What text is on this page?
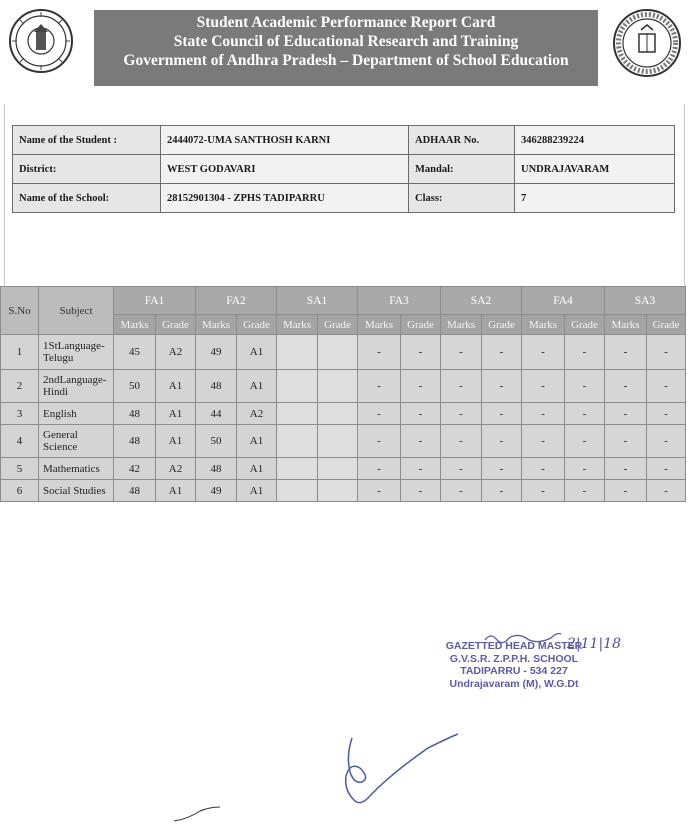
Student Academic Performance Report Card
State Council of Educational Research and Training
Government of Andhra Pradesh – Department of School Education
Name of the Student :	2444072-UMA SANTHOSH KARNI	ADHAAR No.	346288239224
District:	WEST GODAVARI	Mandal:	UNDRAJAVARAM
Name of the School:	28152901304 - ZPHS TADIPARRU	Class:	7
S.No	Subject	FA1		FA2		SA1		FA3		SA2		FA4		SA3	
		Marks	Grade	Marks	Grade	Marks	Grade	Marks	Grade	Marks	Grade	Marks	Grade	Marks	Grade
1	1StLanguage-Telugu	45	A2	49	A1			-	-	-	-	-	-	-	-
2	2ndLanguage-Hindi	50	A1	48	A1			-	-	-	-	-	-	-	-
3	English	48	A1	44	A2			-	-	-	-	-	-	-	-
4	General Science	48	A1	50	A1			-	-	-	-	-	-	-	-
5	Mathematics	42	A2	48	A1			-	-	-	-	-	-	-	-
6	Social Studies	48	A1	49	A1			-	-	-	-	-	-	-	-
GAZETTED HEAD MASTER
G.V.S.R. Z.P.P.H. SCHOOL
TADIPARRU - 534 227
Undrajavaram (M), W.G.Dt
2|11|18
